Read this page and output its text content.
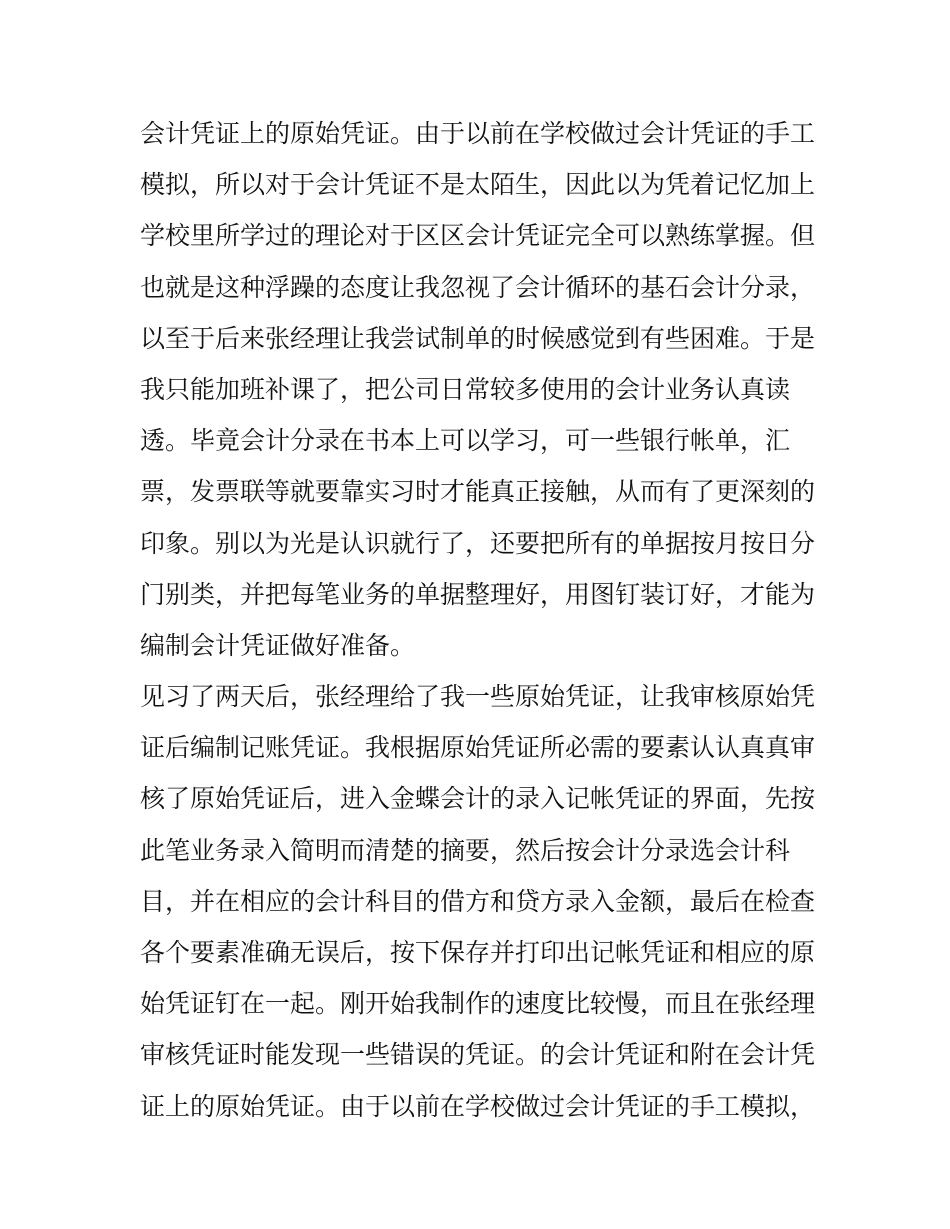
会计凭证上的原始凭证。由于以前在学校做过会计凭证的手工

模拟，所以对于会计凭证不是太陌生，因此以为凭着记忆加上

学校里所学过的理论对于区区会计凭证完全可以熟练掌握。但

也就是这种浮躁的态度让我忽视了会计循环的基石会计分录，

以至于后来张经理让我尝试制单的时候感觉到有些困难。于是

我只能加班补课了，把公司日常较多使用的会计业务认真读

透。毕竟会计分录在书本上可以学习，可一些银行帐单，汇

票，发票联等就要靠实习时才能真正接触，从而有了更深刻的

印象。别以为光是认识就行了，还要把所有的单据按月按日分

门别类，并把每笔业务的单据整理好，用图钉装订好，才能为

编制会计凭证做好准备。

见习了两天后，张经理给了我一些原始凭证，让我审核原始凭

证后编制记账凭证。我根据原始凭证所必需的要素认认真真审

核了原始凭证后，进入金蝶会计的录入记帐凭证的界面，先按

此笔业务录入简明而清楚的摘要，然后按会计分录选会计科

目，并在相应的会计科目的借方和贷方录入金额，最后在检查

各个要素准确无误后，按下保存并打印出记帐凭证和相应的原

始凭证钉在一起。刚开始我制作的速度比较慢，而且在张经理

审核凭证时能发现一些错误的凭证。的会计凭证和附在会计凭

证上的原始凭证。由于以前在学校做过会计凭证的手工模拟，
